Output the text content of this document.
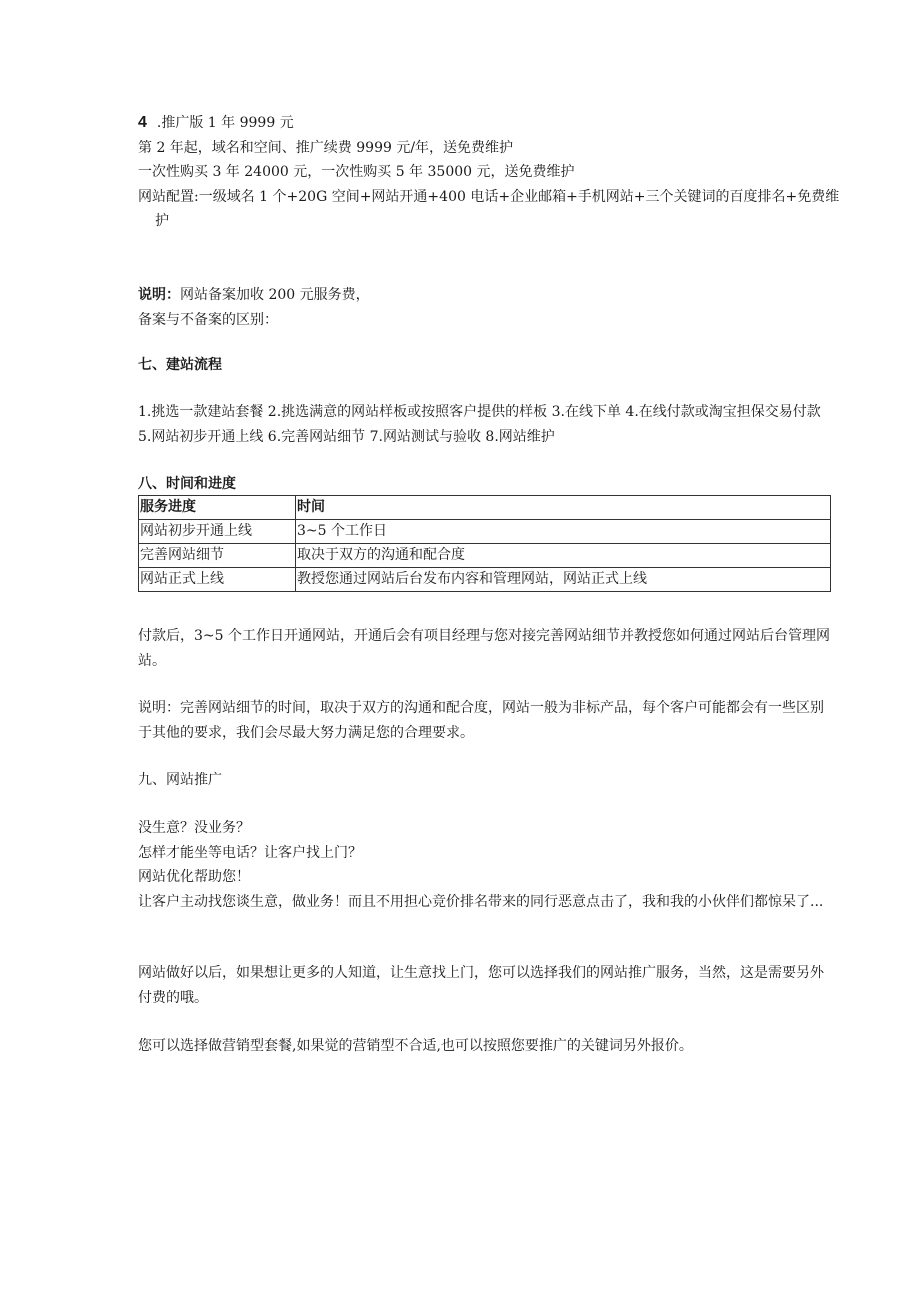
4 .推广版 1 年 9999 元

第 2 年起，域名和空间、推广续费 9999 元/年，送免费维护

一次性购买 3 年 24000 元，一次性购买 5 年 35000 元，送免费维护

网站配置:一级域名 1 个+20G 空间+网站开通+400 电话+企业邮箱+手机网站+三个关键词的百度排名+免费维护

说明：网站备案加收 200 元服务费，

备案与不备案的区别：

七、建站流程

1.挑选一款建站套餐 2.挑选满意的网站样板或按照客户提供的样板 3.在线下单 4.在线付款或淘宝担保交易付款 5.网站初步开通上线 6.完善网站细节 7.网站测试与验收 8.网站维护

八、时间和进度

服务进度	时间
网站初步开通上线	3~5 个工作日
完善网站细节	取决于双方的沟通和配合度
网站正式上线	教授您通过网站后台发布内容和管理网站，网站正式上线

付款后，3~5 个工作日开通网站，开通后会有项目经理与您对接完善网站细节并教授您如何通过网站后台管理网站。

说明：完善网站细节的时间，取决于双方的沟通和配合度，网站一般为非标产品，每个客户可能都会有一些区别于其他的要求，我们会尽最大努力满足您的合理要求。

九、网站推广

没生意？没业务？

怎样才能坐等电话？让客户找上门？

网站优化帮助您！

让客户主动找您谈生意，做业务！而且不用担心竞价排名带来的同行恶意点击了，我和我的小伙伴们都惊呆了...

网站做好以后，如果想让更多的人知道，让生意找上门，您可以选择我们的网站推广服务，当然，这是需要另外付费的哦。

您可以选择做营销型套餐,如果觉的营销型不合适,也可以按照您要推广的关键词另外报价。
